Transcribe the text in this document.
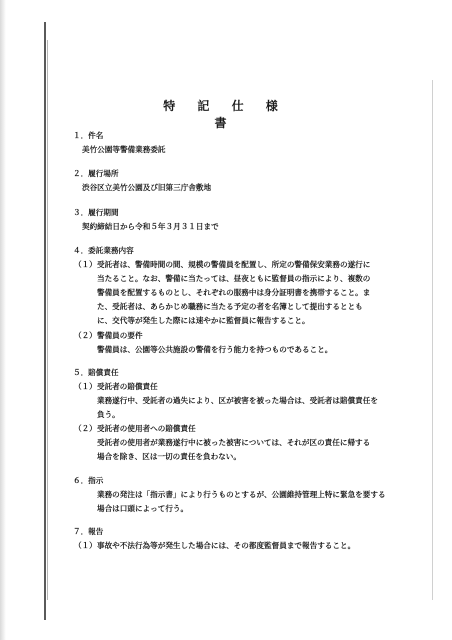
特 記 仕 様 書
１．件名
美竹公園等警備業務委託
２．履行場所
渋谷区立美竹公園及び旧第三庁舎敷地
３．履行期間
契約締結日から令和５年３月３１日まで
４．委託業務内容
（１） 受託者は、警備時間の間、規模の警備員を配置し、所定の警備保安業務の遂行に
当たること。なお、警備に当たっては、昼夜ともに監督員の指示により、複数の
警備員を配置するものとし、それぞれの服務中は身分証明書を携帯すること。ま
た、受託者は、あらかじめ職務に当たる予定の者を名簿として提出するととも
に、交代等が発生した際には速やかに監督員に報告すること。
（２） 警備員の要件
警備員は、公園等公共施設の警備を行う能力を持つものであること。
５．賠償責任
（１） 受託者の賠償責任
業務遂行中、受託者の過失により、区が被害を被った場合は、受託者は賠償責任を
負う。
（２） 受託者の使用者への賠償責任
受託者の使用者が業務遂行中に被った被害については、それが区の責任に帰する
場合を除き、区は一切の責任を負わない。
６．指示
業務の発注は「指示書」により行うものとするが、公園維持管理上特に緊急を要する
場合は口頭によって行う。
７．報告
（１） 事故や不法行為等が発生した場合には、その都度監督員まで報告すること。
